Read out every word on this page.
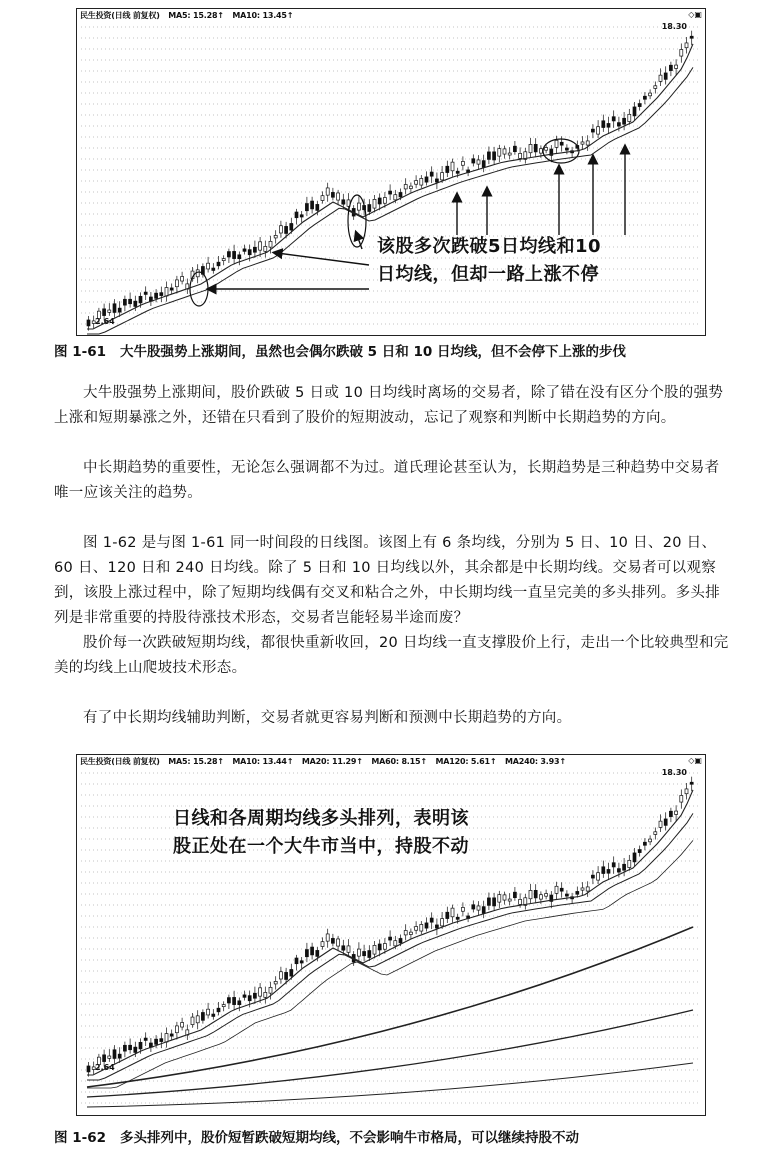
民生投资(日线 前复权) MA5: 15.28↑ MA10: 13.45↑	◇▣
18.30
2.64
该股多次跌破5日均线和10
日均线，但却一路上涨不停
图 1-61 大牛股强势上涨期间，虽然也会偶尔跌破 5 日和 10 日均线，但不会停下上涨的步伐

大牛股强势上涨期间，股价跌破 5 日或 10 日均线时离场的交易者，除了错在没有区分个股的强势上涨和短期暴涨之外，还错在只看到了股价的短期波动，忘记了观察和判断中长期趋势的方向。

中长期趋势的重要性，无论怎么强调都不为过。道氏理论甚至认为，长期趋势是三种趋势中交易者唯一应该关注的趋势。

图 1-62 是与图 1-61 同一时间段的日线图。该图上有 6 条均线，分别为 5 日、10 日、20 日、60 日、120 日和 240 日均线。除了 5 日和 10 日均线以外，其余都是中长期均线。交易者可以观察到，该股上涨过程中，除了短期均线偶有交叉和粘合之外，中长期均线一直呈完美的多头排列。多头排列是非常重要的持股待涨技术形态，交易者岂能轻易半途而废？

股价每一次跌破短期均线，都很快重新收回，20 日均线一直支撑股价上行，走出一个比较典型和完美的均线上山爬坡技术形态。

有了中长期均线辅助判断，交易者就更容易判断和预测中长期趋势的方向。

民生投资(日线 前复权) MA5: 15.28↑ MA10: 13.44↑ MA20: 11.29↑ MA60: 8.15↑ MA120: 5.61↑ MA240: 3.93↑	◇▣
18.30
2.64
日线和各周期均线多头排列，表明该
股正处在一个大牛市当中，持股不动
图 1-62 多头排列中，股价短暂跌破短期均线，不会影响牛市格局，可以继续持股不动
